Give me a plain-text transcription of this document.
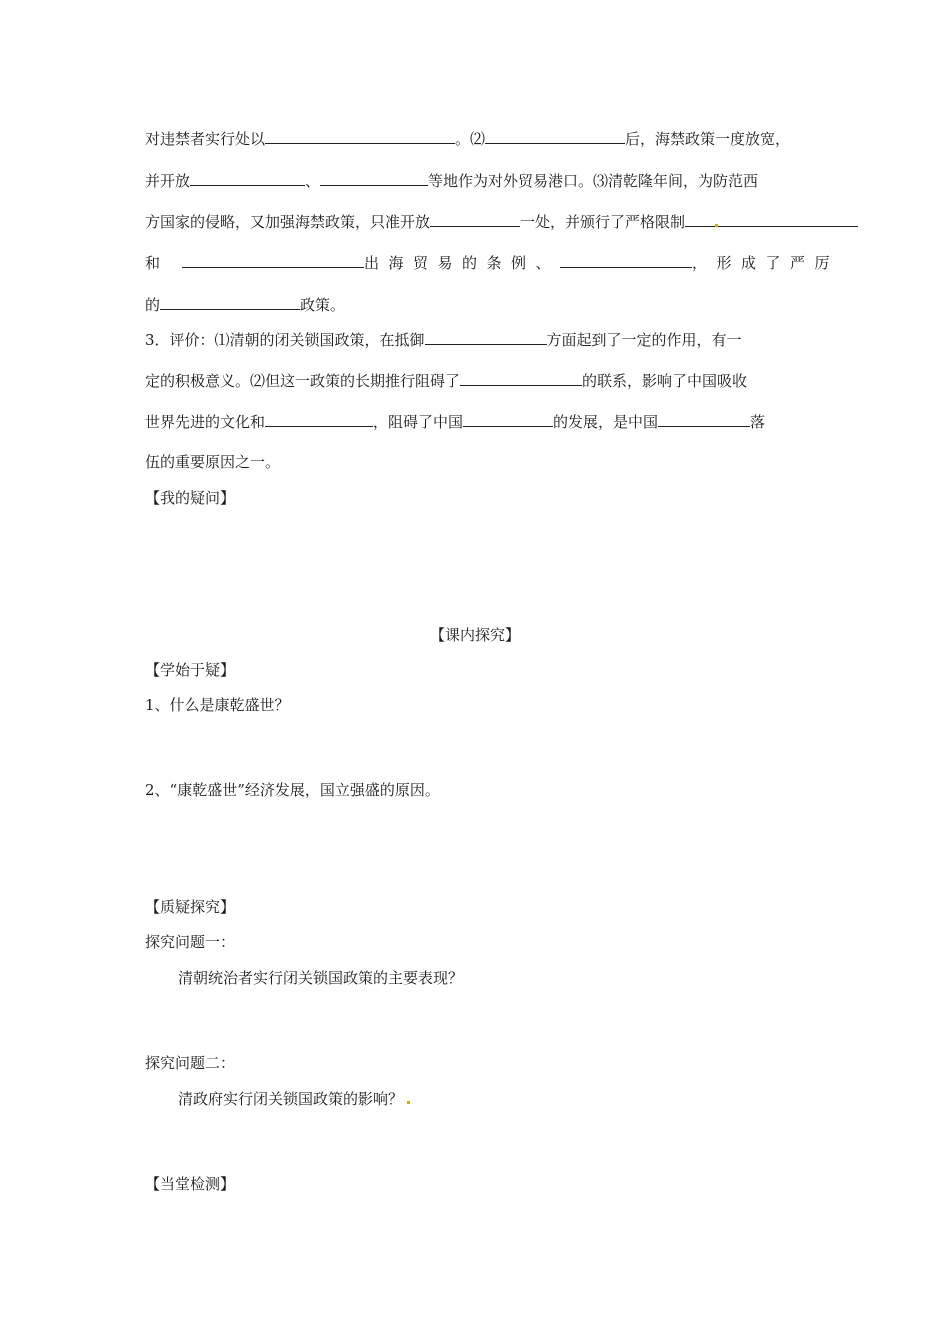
对违禁者实行处以	。⑵	后，海禁政策一度放宽，
并开放	、	等地作为对外贸易港口。⑶清乾隆年间，为防范西
方国家的侵略，又加强海禁政策，只准开放	一处，并颁行了严格限制
和	出海贸易的条例、	，形成了严厉
的	政策。
3．评价：⑴清朝的闭关锁国政策，在抵御	方面起到了一定的作用，有一
定的积极意义。⑵但这一政策的长期推行阻碍了	的联系，影响了中国吸收
世界先进的文化和	，阻碍了中国	的发展，是中国	落
伍的重要原因之一。
【我的疑问】
【课内探究】
【学始于疑】
1、什么是康乾盛世？
2、“康乾盛世”经济发展，国立强盛的原因。
【质疑探究】
探究问题一：
清朝统治者实行闭关锁国政策的主要表现？
探究问题二：
清政府实行闭关锁国政策的影响？
【当堂检测】
